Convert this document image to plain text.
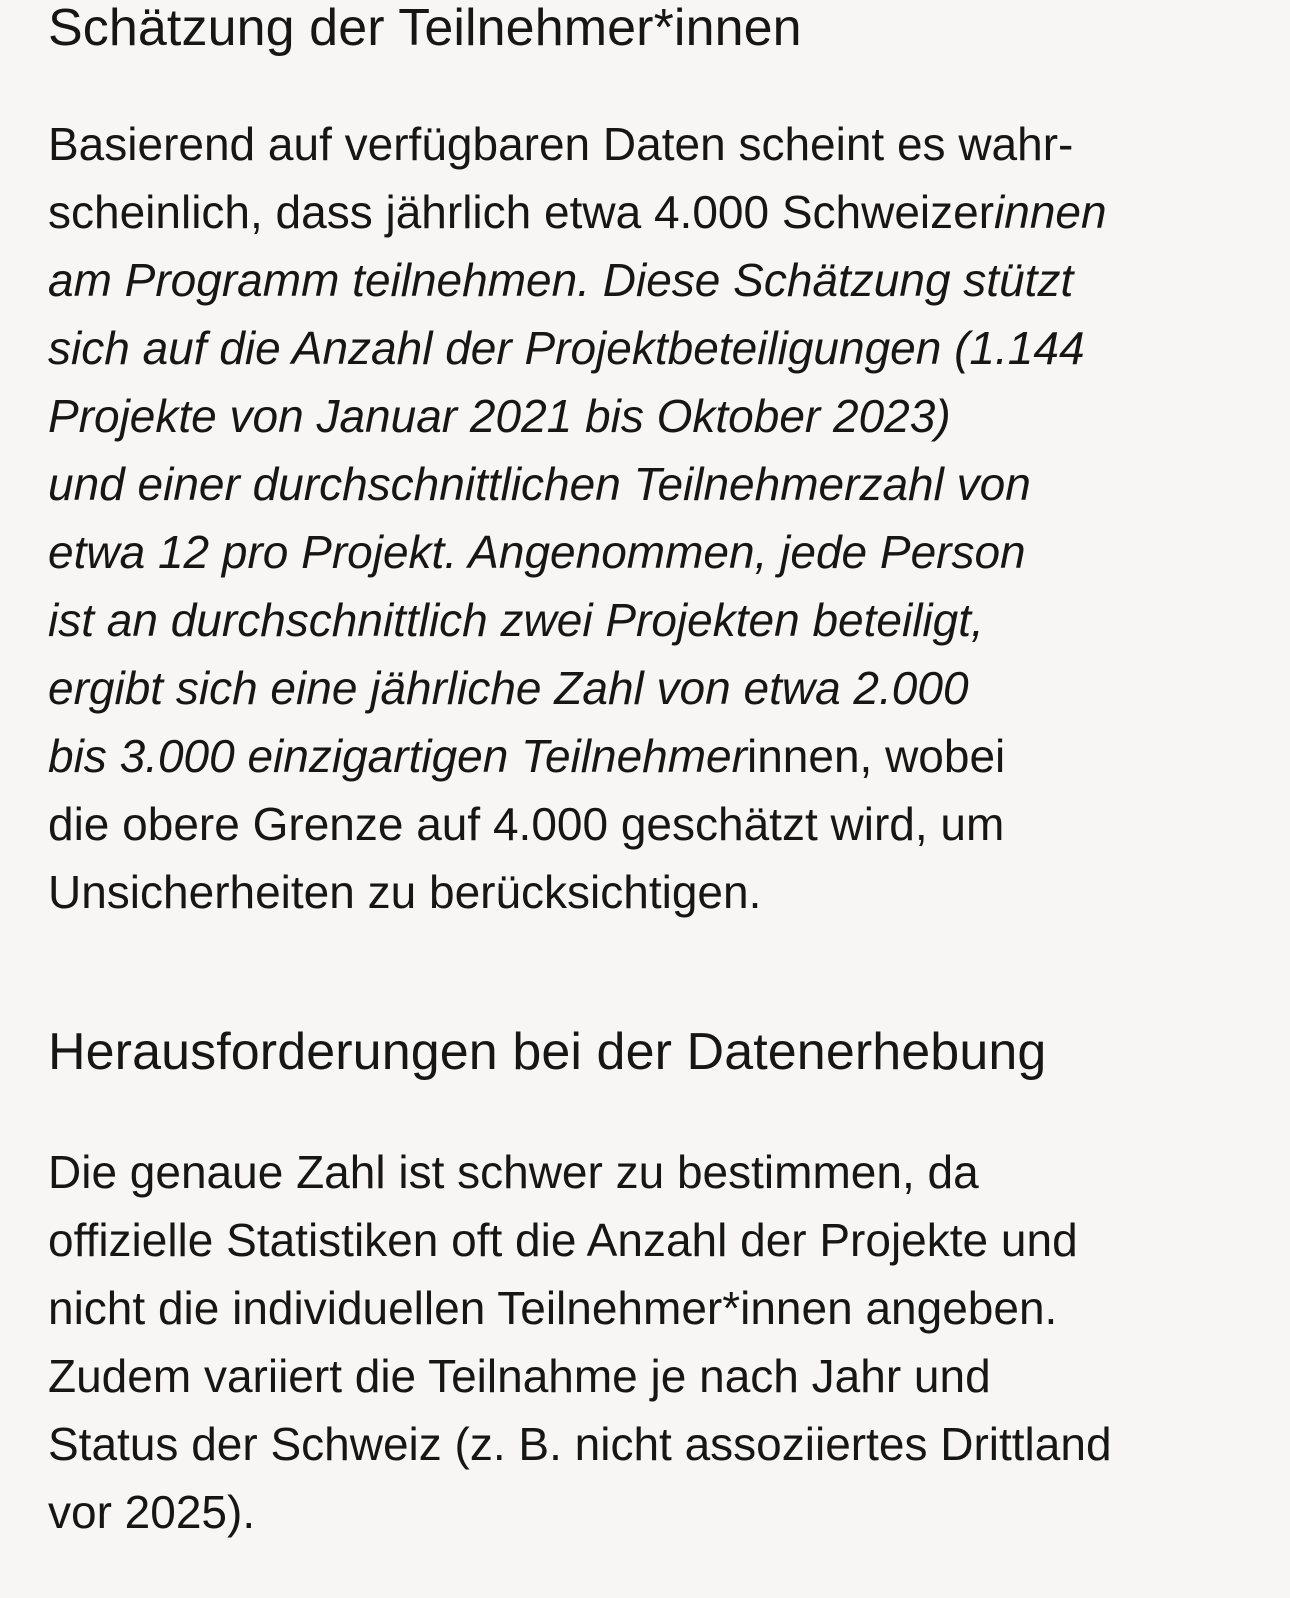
Schätzung der Teilnehmer*innen

Basierend auf verfügbaren Daten scheint es wahr-
scheinlich, dass jährlich etwa 4.000 Schweizerinnen
am Programm teilnehmen. Diese Schätzung stützt
sich auf die Anzahl der Projektbeteiligungen (1.144
Projekte von Januar 2021 bis Oktober 2023)
und einer durchschnittlichen Teilnehmerzahl von
etwa 12 pro Projekt. Angenommen, jede Person
ist an durchschnittlich zwei Projekten beteiligt,
ergibt sich eine jährliche Zahl von etwa 2.000
bis 3.000 einzigartigen Teilnehmerinnen, wobei
die obere Grenze auf 4.000 geschätzt wird, um
Unsicherheiten zu berücksichtigen.

Herausforderungen bei der Datenerhebung

Die genaue Zahl ist schwer zu bestimmen, da
offizielle Statistiken oft die Anzahl der Projekte und
nicht die individuellen Teilnehmer*innen angeben.
Zudem variiert die Teilnahme je nach Jahr und
Status der Schweiz (z. B. nicht assoziiertes Drittland
vor 2025).
